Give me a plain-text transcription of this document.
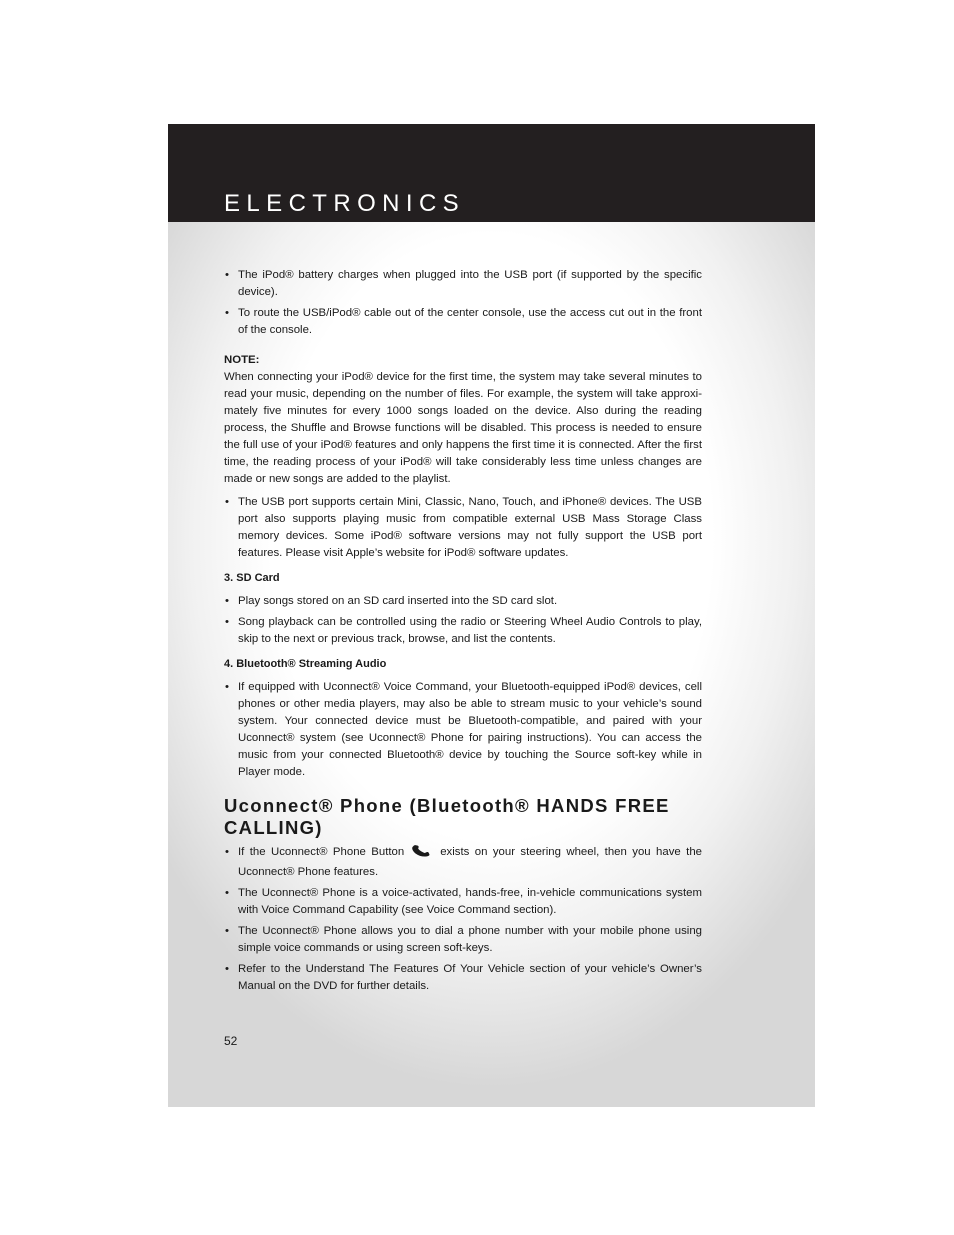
ELECTRONICS
• The iPod® battery charges when plugged into the USB port (if supported by the specific device).
• To route the USB/iPod® cable out of the center console, use the access cut out in the front of the console.
NOTE:

When connecting your iPod® device for the first time, the system may take several minutes to read your music, depending on the number of files. For example, the system will take approxi-mately five minutes for every 1000 songs loaded on the device. Also during the reading process, the Shuffle and Browse functions will be disabled. This process is needed to ensure the full use of your iPod® features and only happens the first time it is connected. After the first time, the reading process of your iPod® will take considerably less time unless changes are made or new songs are added to the playlist.

• The USB port supports certain Mini, Classic, Nano, Touch, and iPhone® devices. The USB port also supports playing music from compatible external USB Mass Storage Class memory devices. Some iPod® software versions may not fully support the USB port features. Please visit Apple’s website for iPod® software updates.
3. SD Card
• Play songs stored on an SD card inserted into the SD card slot.
• Song playback can be controlled using the radio or Steering Wheel Audio Controls to play, skip to the next or previous track, browse, and list the contents.
4. Bluetooth® Streaming Audio
• If equipped with Uconnect® Voice Command, your Bluetooth-equipped iPod® devices, cell phones or other media players, may also be able to stream music to your vehicle’s sound system. Your connected device must be Bluetooth-compatible, and paired with your Uconnect® system (see Uconnect® Phone for pairing instructions). You can access the music from your connected Bluetooth® device by touching the Source soft-key while in Player mode.
Uconnect® Phone (Bluetooth® HANDS FREE CALLING)
• If the Uconnect® Phone Button	exists on your steering wheel, then you have the Uconnect® Phone features.
• The Uconnect® Phone is a voice-activated, hands-free, in-vehicle communications system with Voice Command Capability (see Voice Command section).
• The Uconnect® Phone allows you to dial a phone number with your mobile phone using simple voice commands or using screen soft-keys.
• Refer to the Understand The Features Of Your Vehicle section of your vehicle’s Owner’s Manual on the DVD for further details.
52
